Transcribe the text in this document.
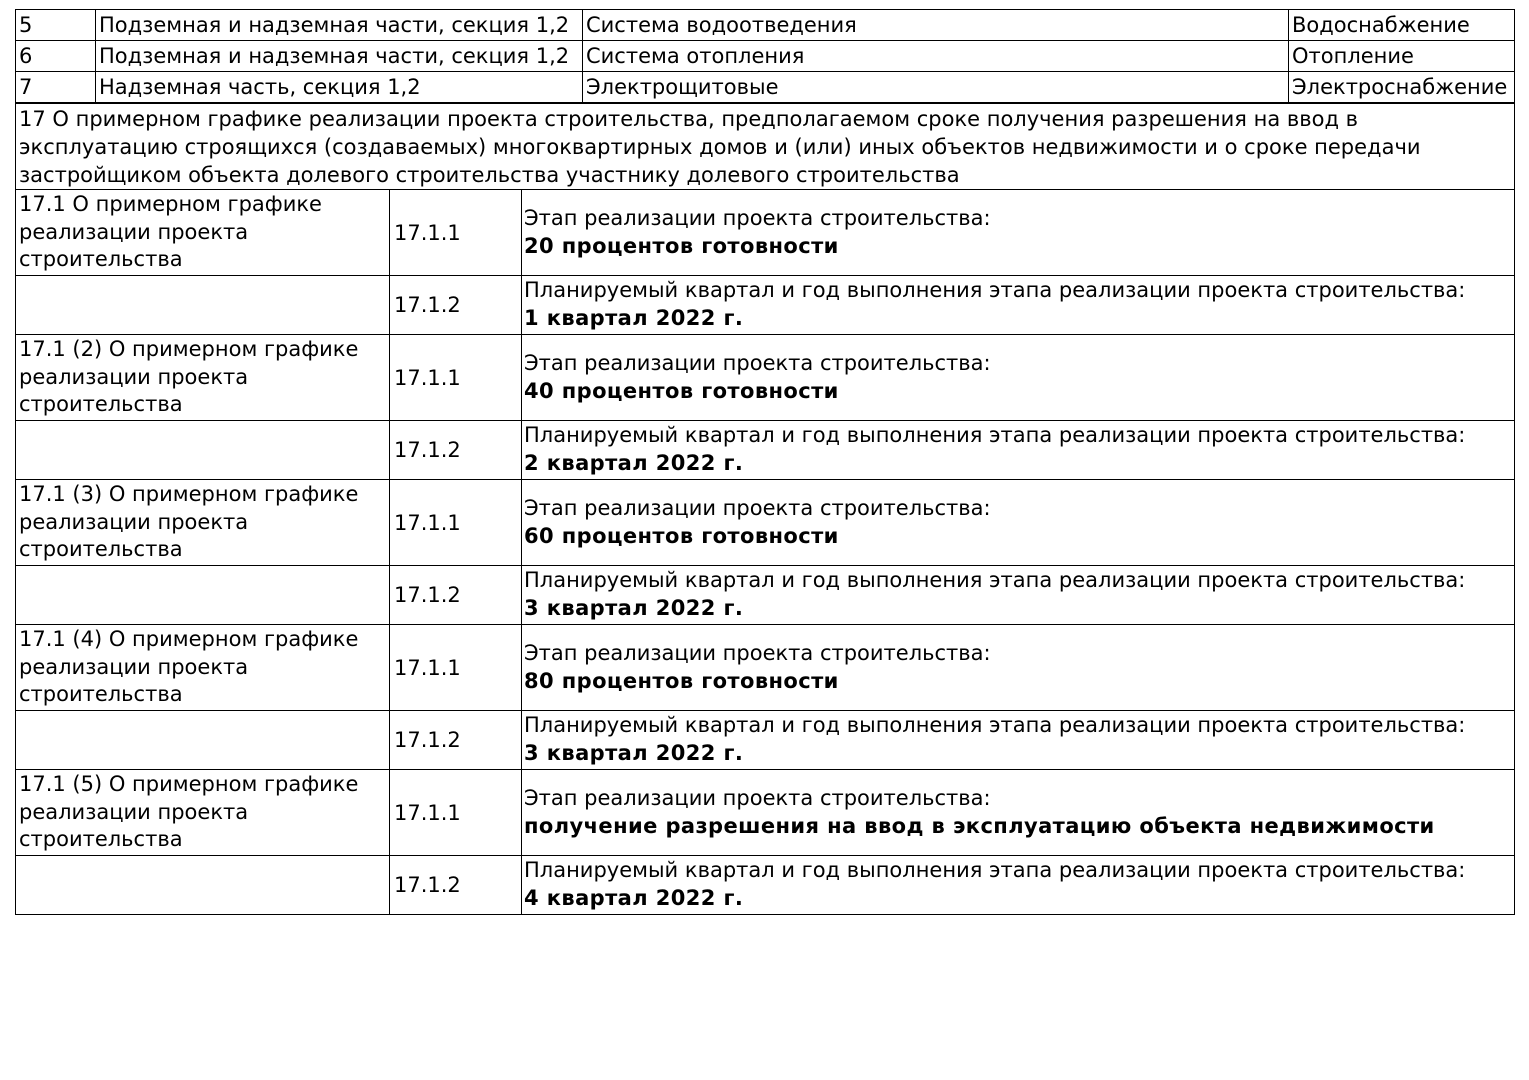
5	Подземная и надземная части, секция 1,2	Система водоотведения	Водоснабжение
6	Подземная и надземная части, секция 1,2	Система отопления	Отопление
7	Надземная часть, секция 1,2	Электрощитовые	Электроснабжение
17 О примерном графике реализации проекта строительства, предполагаемом сроке получения разрешения на ввод в эксплуатацию строящихся (создаваемых) многоквартирных домов и (или) иных объектов недвижимости и о сроке передачи застройщиком объекта долевого строительства участнику долевого строительства		
17.1 О примерном графике реализации проекта строительства	17.1.1	Этап реализации проекта строительства:
20 процентов готовности

	17.1.2	Планируемый квартал и год выполнения этапа реализации проекта строительства:
1 квартал 2022 г.

17.1 (2) О примерном графике реализации проекта строительства	17.1.1	Этап реализации проекта строительства:
40 процентов готовности

	17.1.2	Планируемый квартал и год выполнения этапа реализации проекта строительства:
2 квартал 2022 г.

17.1 (3) О примерном графике реализации проекта строительства	17.1.1	Этап реализации проекта строительства:
60 процентов готовности

	17.1.2	Планируемый квартал и год выполнения этапа реализации проекта строительства:
3 квартал 2022 г.

17.1 (4) О примерном графике реализации проекта строительства	17.1.1	Этап реализации проекта строительства:
80 процентов готовности

	17.1.2	Планируемый квартал и год выполнения этапа реализации проекта строительства:
3 квартал 2022 г.

17.1 (5) О примерном графике реализации проекта строительства	17.1.1	Этап реализации проекта строительства:
получение разрешения на ввод в эксплуатацию объекта недвижимости

	17.1.2	Планируемый квартал и год выполнения этапа реализации проекта строительства:
4 квартал 2022 г.
